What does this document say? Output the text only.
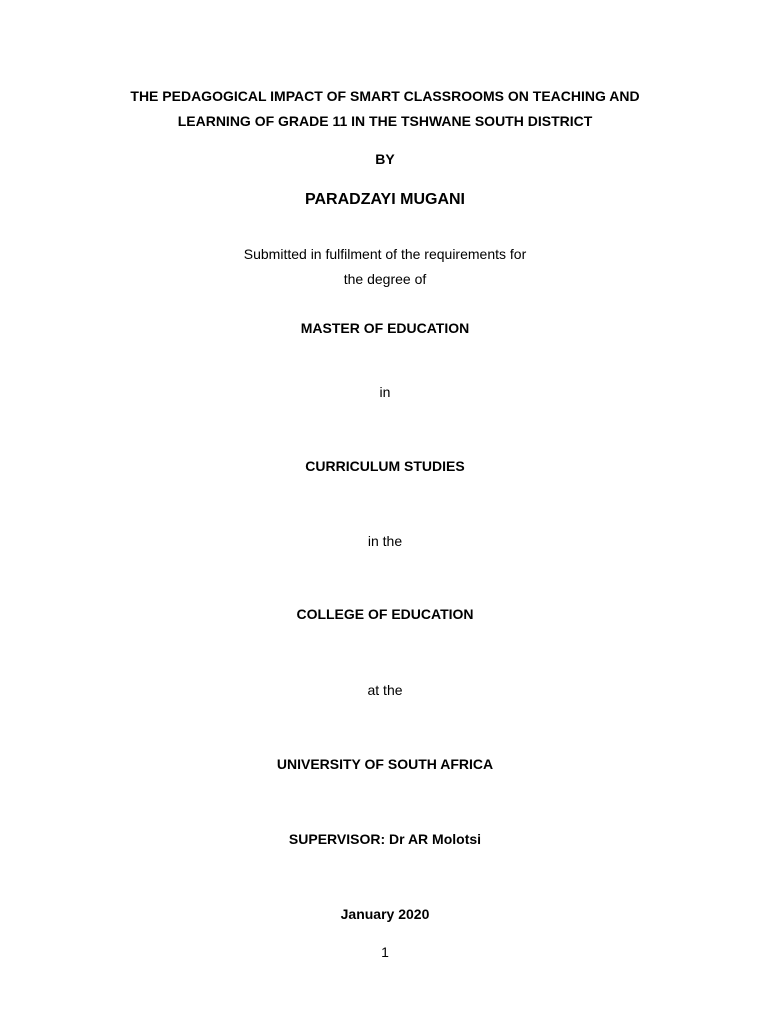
THE PEDAGOGICAL IMPACT OF SMART CLASSROOMS ON TEACHING AND
LEARNING OF GRADE 11 IN THE TSHWANE SOUTH DISTRICT
BY
PARADZAYI MUGANI
Submitted in fulfilment of the requirements for
the degree of
MASTER OF EDUCATION
in
CURRICULUM STUDIES
in the
COLLEGE OF EDUCATION
at the
UNIVERSITY OF SOUTH AFRICA
SUPERVISOR: Dr AR Molotsi
January 2020
1
